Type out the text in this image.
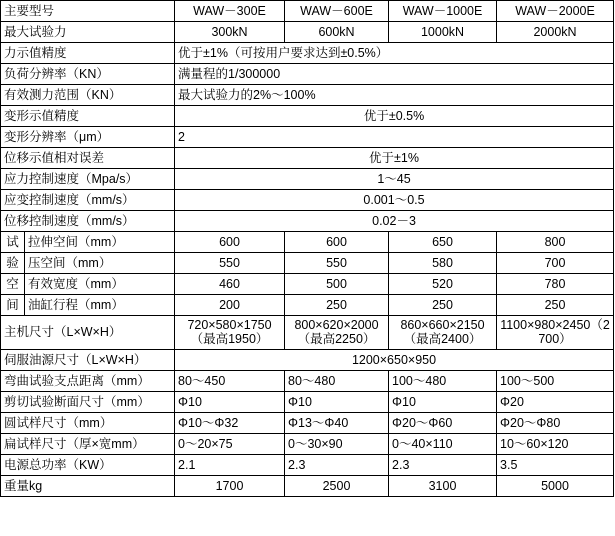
主要型号		WAW－300E	WAW－600E	WAW－1000E	WAW－2000E
最大试验力		300kN	600kN	1000kN	2000kN
力示值精度		优于±1%（可按用户要求达到±0.5%）			
负荷分辨率（KN）		满量程的1/300000			
有效测力范围（KN）		最大试验力的2%～100%			
变形示值精度		优于±0.5%			
变形分辨率（μm）		2			
位移示值相对误差		优于±1%			
应力控制速度（Mpa/s）		1～45			
应变控制速度（mm/s）		0.001～0.5			
位移控制速度（mm/s）		0.02－3			
试	拉伸空间（mm）	600	600	650	800
验	压空间（mm）	550	550	580	700
空	有效宽度（mm）	460	500	520	780
间	油缸行程（mm）	200	250	250	250
主机尺寸（L×W×H）		720×580×1750（最高1950）	800×620×2000（最高2250）	860×660×2150（最高2400）	1100×980×2450（2700）
伺服油源尺寸（L×W×H）		1200×650×950			
弯曲试验支点距离（mm）		80～450	80～480	100～480	100～500
剪切试验断面尺寸（mm）		Φ10	Φ10	Φ10	Φ20
圆试样尺寸（mm）		Φ10～Φ32	Φ13～Φ40	Φ20～Φ60	Φ20～Φ80
扁试样尺寸（厚×宽mm）		0～20×75	0～30×90	0～40×110	10～60×120
电源总功率（KW）		2.1	2.3	2.3	3.5
重量kg		1700	2500	3100	5000
